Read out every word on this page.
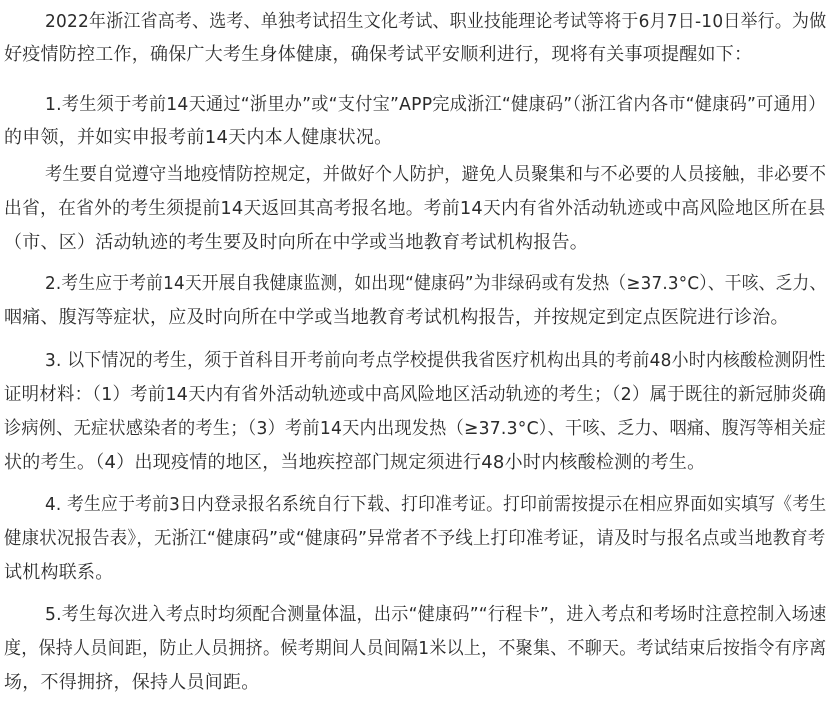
2022年浙江省高考、选考、单独考试招生文化考试、职业技能理论考试等将于6月7日-10日举行。为做
好疫情防控工作，确保广大考生身体健康，确保考试平安顺利进行，现将有关事项提醒如下：
1.考生须于考前14天通过“浙里办”或“支付宝”APP完成浙江“健康码”（浙江省内各市“健康码”可通用）
的申领，并如实申报考前14天内本人健康状况。
考生要自觉遵守当地疫情防控规定，并做好个人防护，避免人员聚集和与不必要的人员接触，非必要不
出省，在省外的考生须提前14天返回其高考报名地。考前14天内有省外活动轨迹或中高风险地区所在县
（市、区）活动轨迹的考生要及时向所在中学或当地教育考试机构报告。
2.考生应于考前14天开展自我健康监测，如出现“健康码”为非绿码或有发热（≥37.3°C）、干咳、乏力、
咽痛、腹泻等症状，应及时向所在中学或当地教育考试机构报告，并按规定到定点医院进行诊治。
3. 以下情况的考生，须于首科目开考前向考点学校提供我省医疗机构出具的考前48小时内核酸检测阴性
证明材料：（1）考前14天内有省外活动轨迹或中高风险地区活动轨迹的考生；（2）属于既往的新冠肺炎确
诊病例、无症状感染者的考生；（3）考前14天内出现发热（≥37.3°C）、干咳、乏力、咽痛、腹泻等相关症
状的考生。（4）出现疫情的地区，当地疾控部门规定须进行48小时内核酸检测的考生。
4. 考生应于考前3日内登录报名系统自行下载、打印准考证。打印前需按提示在相应界面如实填写《考生
健康状况报告表》，无浙江“健康码”或“健康码”异常者不予线上打印准考证，请及时与报名点或当地教育考
试机构联系。
5.考生每次进入考点时均须配合测量体温，出示“健康码”“行程卡”，进入考点和考场时注意控制入场速
度，保持人员间距，防止人员拥挤。候考期间人员间隔1米以上，不聚集、不聊天。考试结束后按指令有序离
场，不得拥挤，保持人员间距。
